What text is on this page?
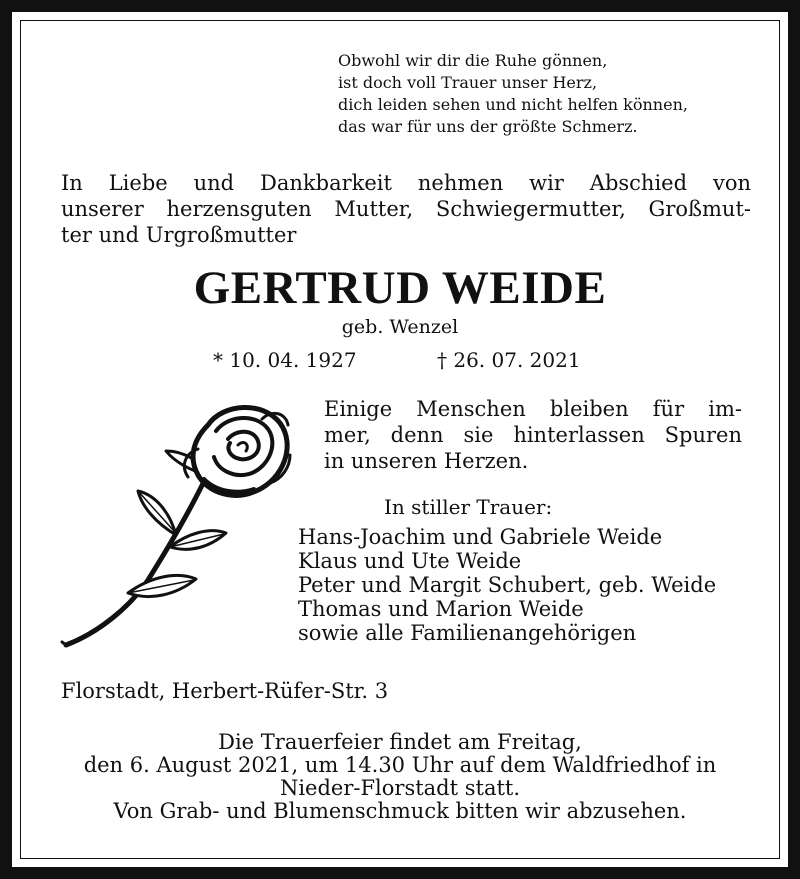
Obwohl wir dir die Ruhe gönnen,
ist doch voll Trauer unser Herz,
dich leiden sehen und nicht helfen können,
das war für uns der größte Schmerz.
In Liebe und Dankbarkeit nehmen wir Abschied von
unserer herzensguten Mutter, Schwiegermutter, Großmut-
ter und Urgroßmutter
GERTRUD WEIDE
geb. Wenzel
* 10. 04. 1927	† 26. 07. 2021
Einige Menschen bleiben für im-
mer, denn sie hinterlassen Spuren
in unseren Herzen.
In stiller Trauer:
Hans-Joachim und Gabriele Weide
Klaus und Ute Weide
Peter und Margit Schubert, geb. Weide
Thomas und Marion Weide
sowie alle Familienangehörigen
Florstadt, Herbert-Rüfer-Str. 3
Die Trauerfeier findet am Freitag,
den 6. August 2021, um 14.30 Uhr auf dem Waldfriedhof in
Nieder-Florstadt statt.
Von Grab- und Blumenschmuck bitten wir abzusehen.
